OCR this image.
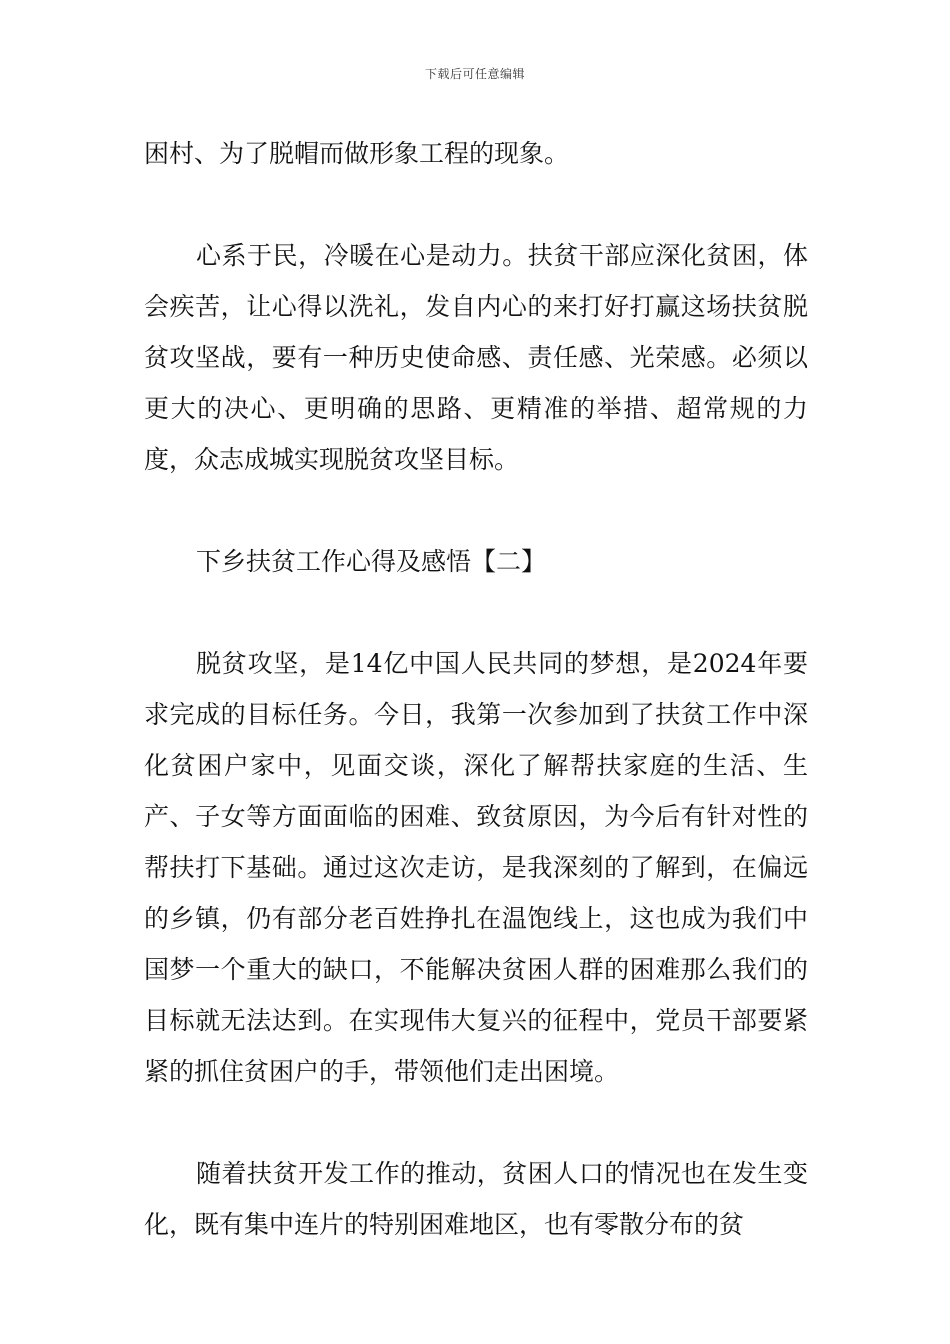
下载后可任意编辑

困村、为了脱帽而做形象工程的现象。

心系于民，冷暖在心是动力。扶贫干部应深化贫困，体会疾苦，让心得以洗礼，发自内心的来打好打赢这场扶贫脱贫攻坚战，要有一种历史使命感、责任感、光荣感。必须以更大的决心、更明确的思路、更精准的举措、超常规的力度，众志成城实现脱贫攻坚目标。

下乡扶贫工作心得及感悟【二】

脱贫攻坚，是14亿中国人民共同的梦想，是2024年要求完成的目标任务。今日，我第一次参加到了扶贫工作中深化贫困户家中，见面交谈，深化了解帮扶家庭的生活、生产、子女等方面面临的困难、致贫原因，为今后有针对性的帮扶打下基础。通过这次走访，是我深刻的了解到，在偏远的乡镇，仍有部分老百姓挣扎在温饱线上，这也成为我们中国梦一个重大的缺口，不能解决贫困人群的困难那么我们的目标就无法达到。在实现伟大复兴的征程中，党员干部要紧紧的抓住贫困户的手，带领他们走出困境。

随着扶贫开发工作的推动，贫困人口的情况也在发生变化，既有集中连片的特别困难地区，也有零散分布的贫
